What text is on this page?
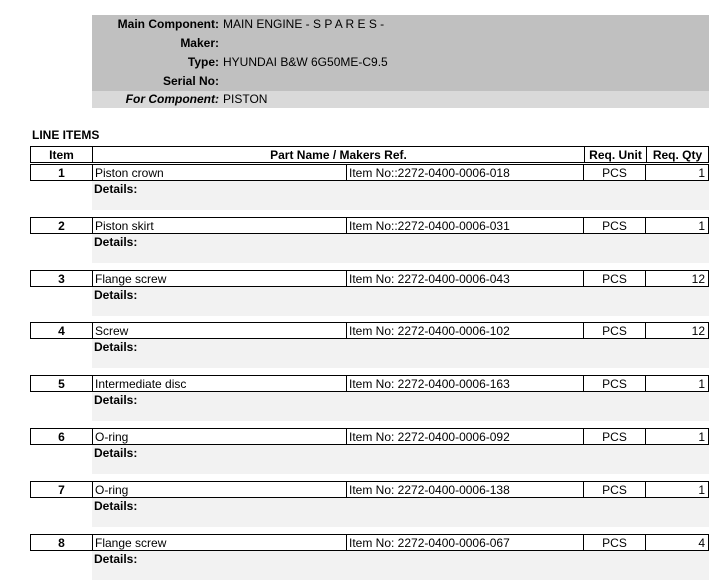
Main Component: MAIN ENGINE - S P A R E S -
Maker:
Type: HYUNDAI B&W 6G50ME-C9.5
Serial No:
For Component: PISTON
LINE ITEMS
Item	Part Name / Makers Ref.	Req. Unit Req. Qty
1	Piston crown	Item No::2272-0400-0006-018	PCS	1
Details:
2	Piston skirt	Item No::2272-0400-0006-031	PCS	1
Details:
3	Flange screw	Item No: 2272-0400-0006-043	PCS	12
Details:
4	Screw	Item No: 2272-0400-0006-102	PCS	12
Details:
5	Intermediate disc	Item No: 2272-0400-0006-163	PCS	1
Details:
6	O-ring	Item No: 2272-0400-0006-092	PCS	1
Details:
7	O-ring	Item No: 2272-0400-0006-138	PCS	1
Details:
8	Flange screw	Item No: 2272-0400-0006-067	PCS	4
Details:
